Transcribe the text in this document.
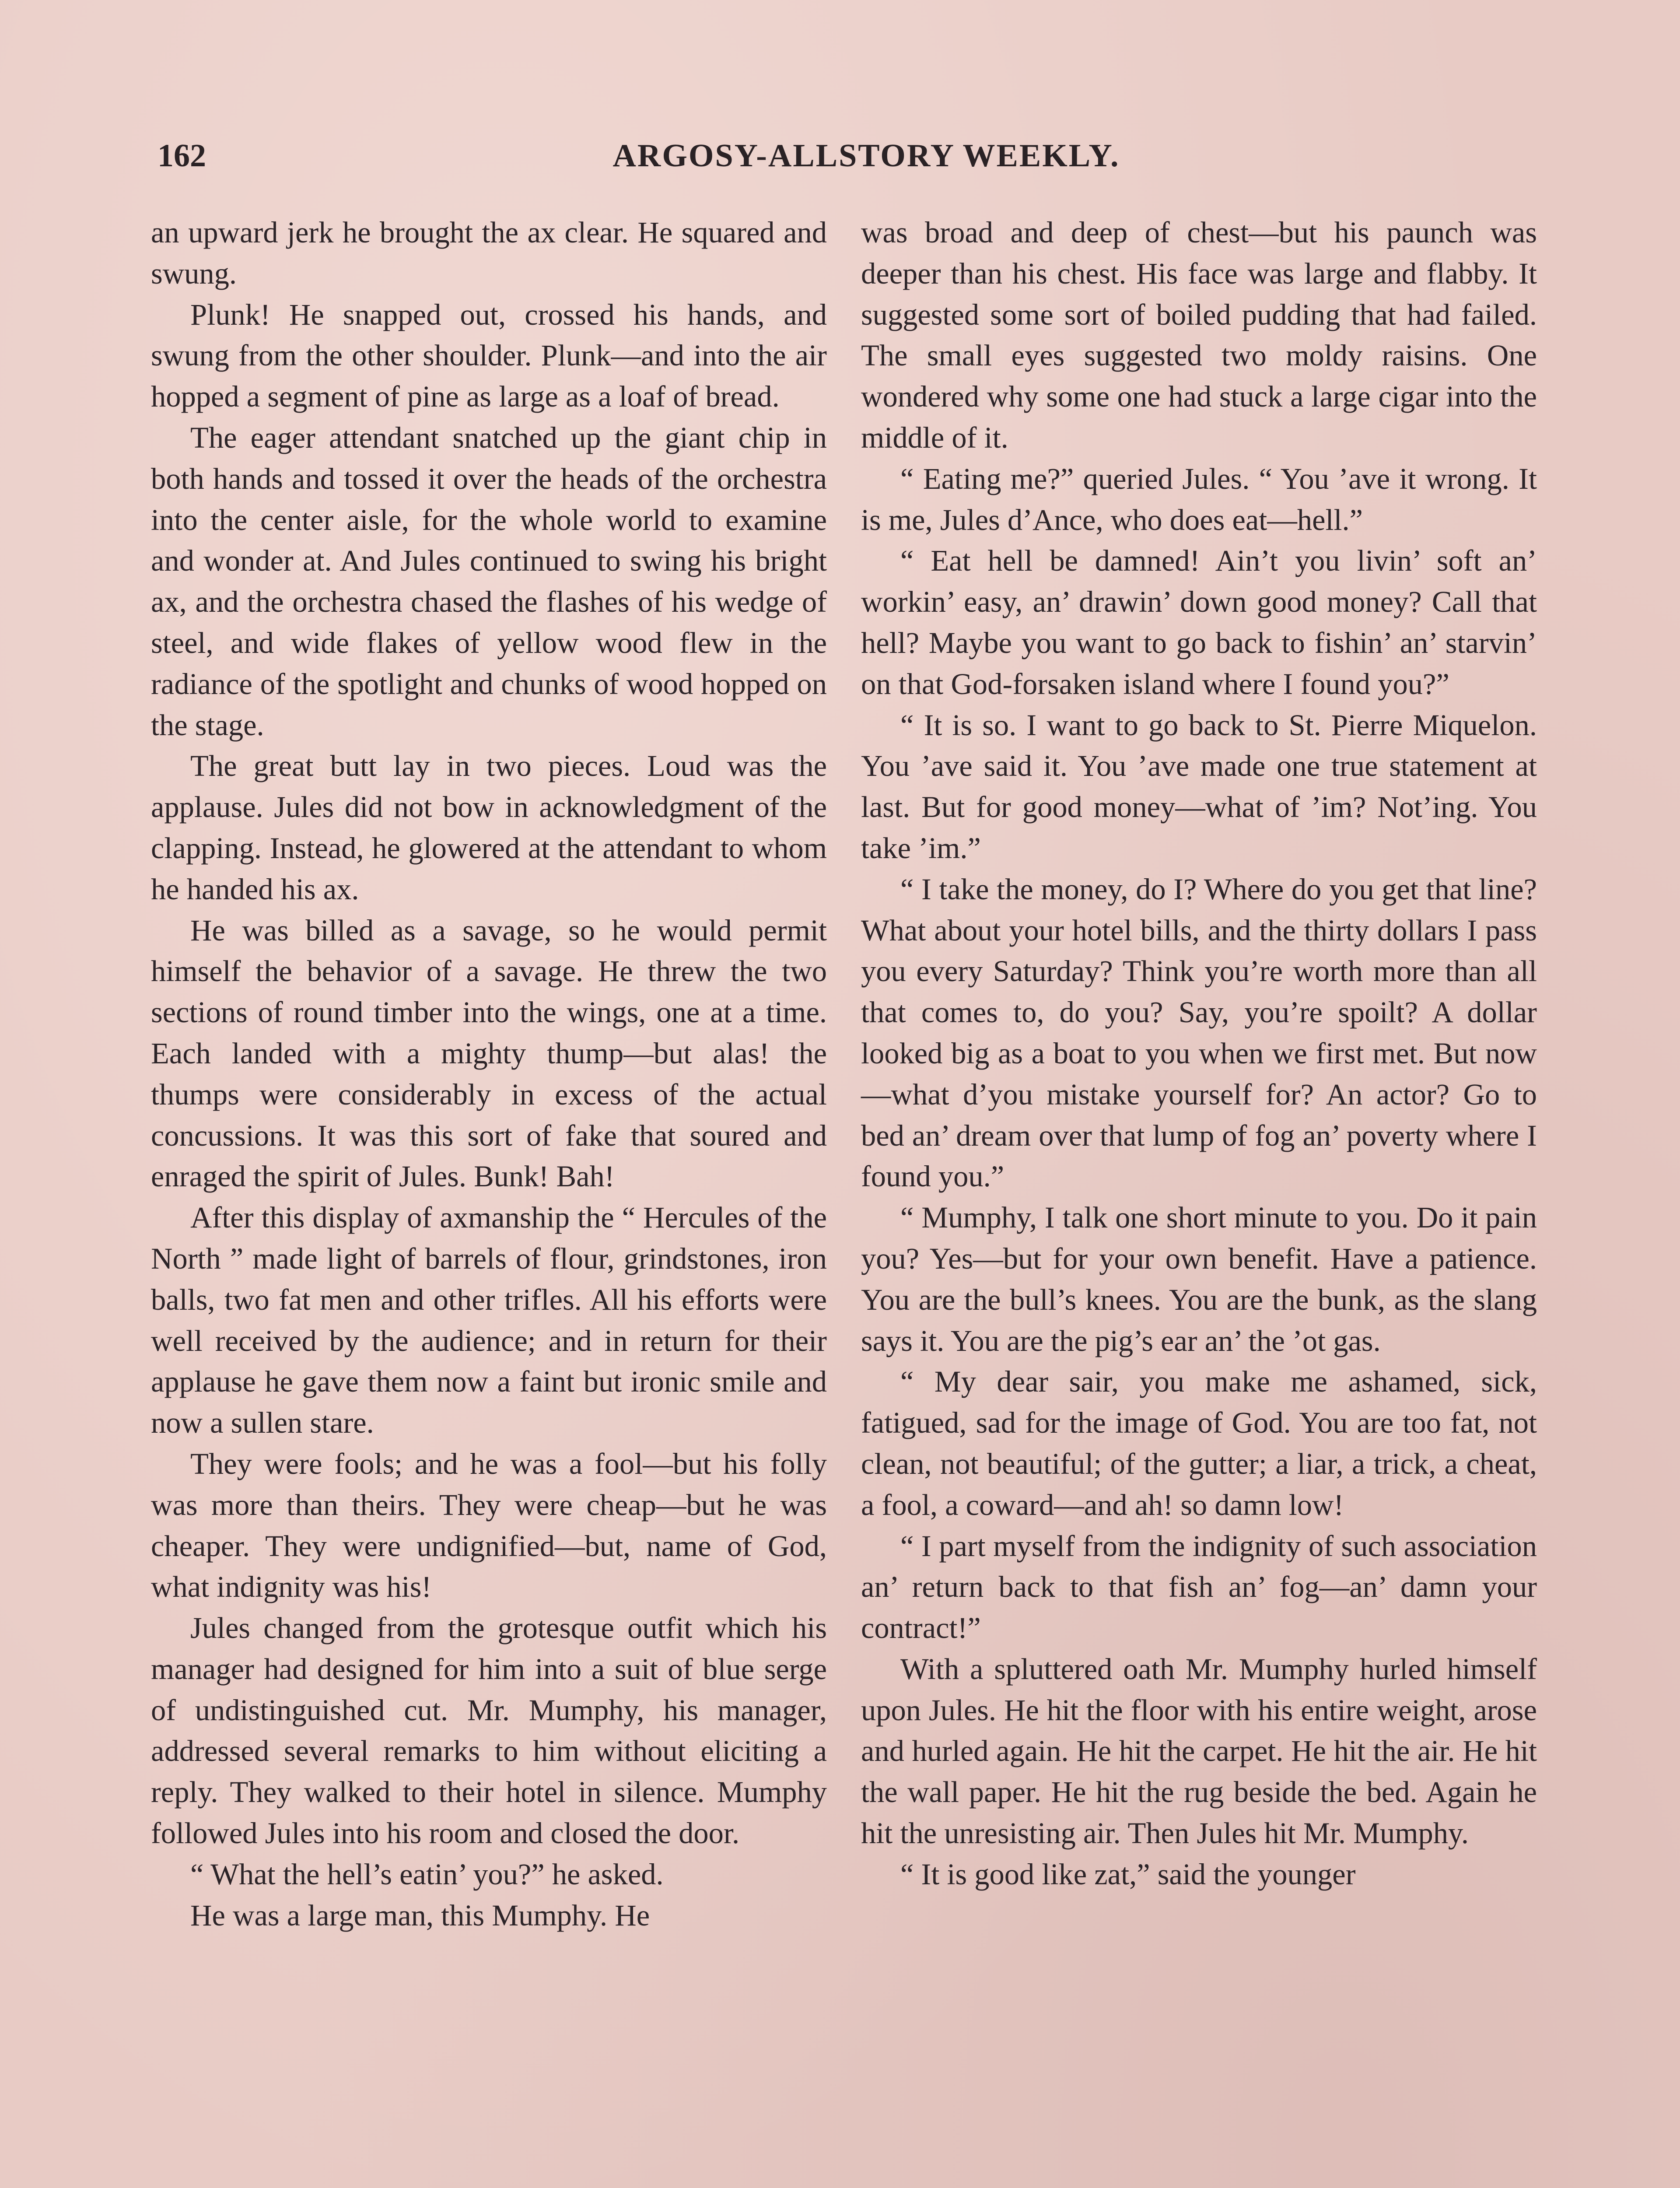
162	ARGOSY-ALLSTORY WEEKLY.

an upward jerk he brought the ax clear. He squared and swung.

Plunk! He snapped out, crossed his hands, and swung from the other shoulder. Plunk—and into the air hopped a segment of pine as large as a loaf of bread.

The eager attendant snatched up the giant chip in both hands and tossed it over the heads of the orchestra into the center aisle, for the whole world to examine and wonder at. And Jules continued to swing his bright ax, and the orchestra chased the flashes of his wedge of steel, and wide flakes of yellow wood flew in the radiance of the spotlight and chunks of wood hopped on the stage.

The great butt lay in two pieces. Loud was the applause. Jules did not bow in acknowledgment of the clapping. Instead, he glowered at the attendant to whom he handed his ax.

He was billed as a savage, so he would permit himself the behavior of a savage. He threw the two sections of round timber into the wings, one at a time. Each landed with a mighty thump—but alas! the thumps were considerably in excess of the actual concussions. It was this sort of fake that soured and enraged the spirit of Jules. Bunk! Bah!

After this display of axmanship the “ Hercules of the North ” made light of barrels of flour, grindstones, iron balls, two fat men and other trifles. All his efforts were well received by the audience; and in return for their applause he gave them now a faint but ironic smile and now a sullen stare.

They were fools; and he was a fool—but his folly was more than theirs. They were cheap—but he was cheaper. They were undignified—but, name of God, what indignity was his!

Jules changed from the grotesque outfit which his manager had designed for him into a suit of blue serge of undistinguished cut. Mr. Mumphy, his manager, addressed several remarks to him without eliciting a reply. They walked to their hotel in silence. Mumphy followed Jules into his room and closed the door.

“ What the hell’s eatin’ you?” he asked.

He was a large man, this Mumphy. He

was broad and deep of chest—but his paunch was deeper than his chest. His face was large and flabby. It suggested some sort of boiled pudding that had failed. The small eyes suggested two moldy raisins. One wondered why some one had stuck a large cigar into the middle of it.

“ Eating me?” queried Jules. “ You ’ave it wrong. It is me, Jules d’Ance, who does eat—hell.”

“ Eat hell be damned! Ain’t you livin’ soft an’ workin’ easy, an’ drawin’ down good money? Call that hell? Maybe you want to go back to fishin’ an’ starvin’ on that God-forsaken island where I found you?”

“ It is so. I want to go back to St. Pierre Miquelon. You ’ave said it. You ’ave made one true statement at last. But for good money—what of ’im? Not’ing. You take ’im.”

“ I take the money, do I? Where do you get that line? What about your hotel bills, and the thirty dollars I pass you every Saturday? Think you’re worth more than all that comes to, do you? Say, you’re spoilt? A dollar looked big as a boat to you when we first met. But now—what d’you mistake yourself for? An actor? Go to bed an’ dream over that lump of fog an’ poverty where I found you.”

“ Mumphy, I talk one short minute to you. Do it pain you? Yes—but for your own benefit. Have a patience. You are the bull’s knees. You are the bunk, as the slang says it. You are the pig’s ear an’ the ’ot gas.

“ My dear sair, you make me ashamed, sick, fatigued, sad for the image of God. You are too fat, not clean, not beautiful; of the gutter; a liar, a trick, a cheat, a fool, a coward—and ah! so damn low!

“ I part myself from the indignity of such association an’ return back to that fish an’ fog—an’ damn your contract!”

With a spluttered oath Mr. Mumphy hurled himself upon Jules. He hit the floor with his entire weight, arose and hurled again. He hit the carpet. He hit the air. He hit the wall paper. He hit the rug beside the bed. Again he hit the unresisting air. Then Jules hit Mr. Mumphy.

“ It is good like zat,” said the younger
